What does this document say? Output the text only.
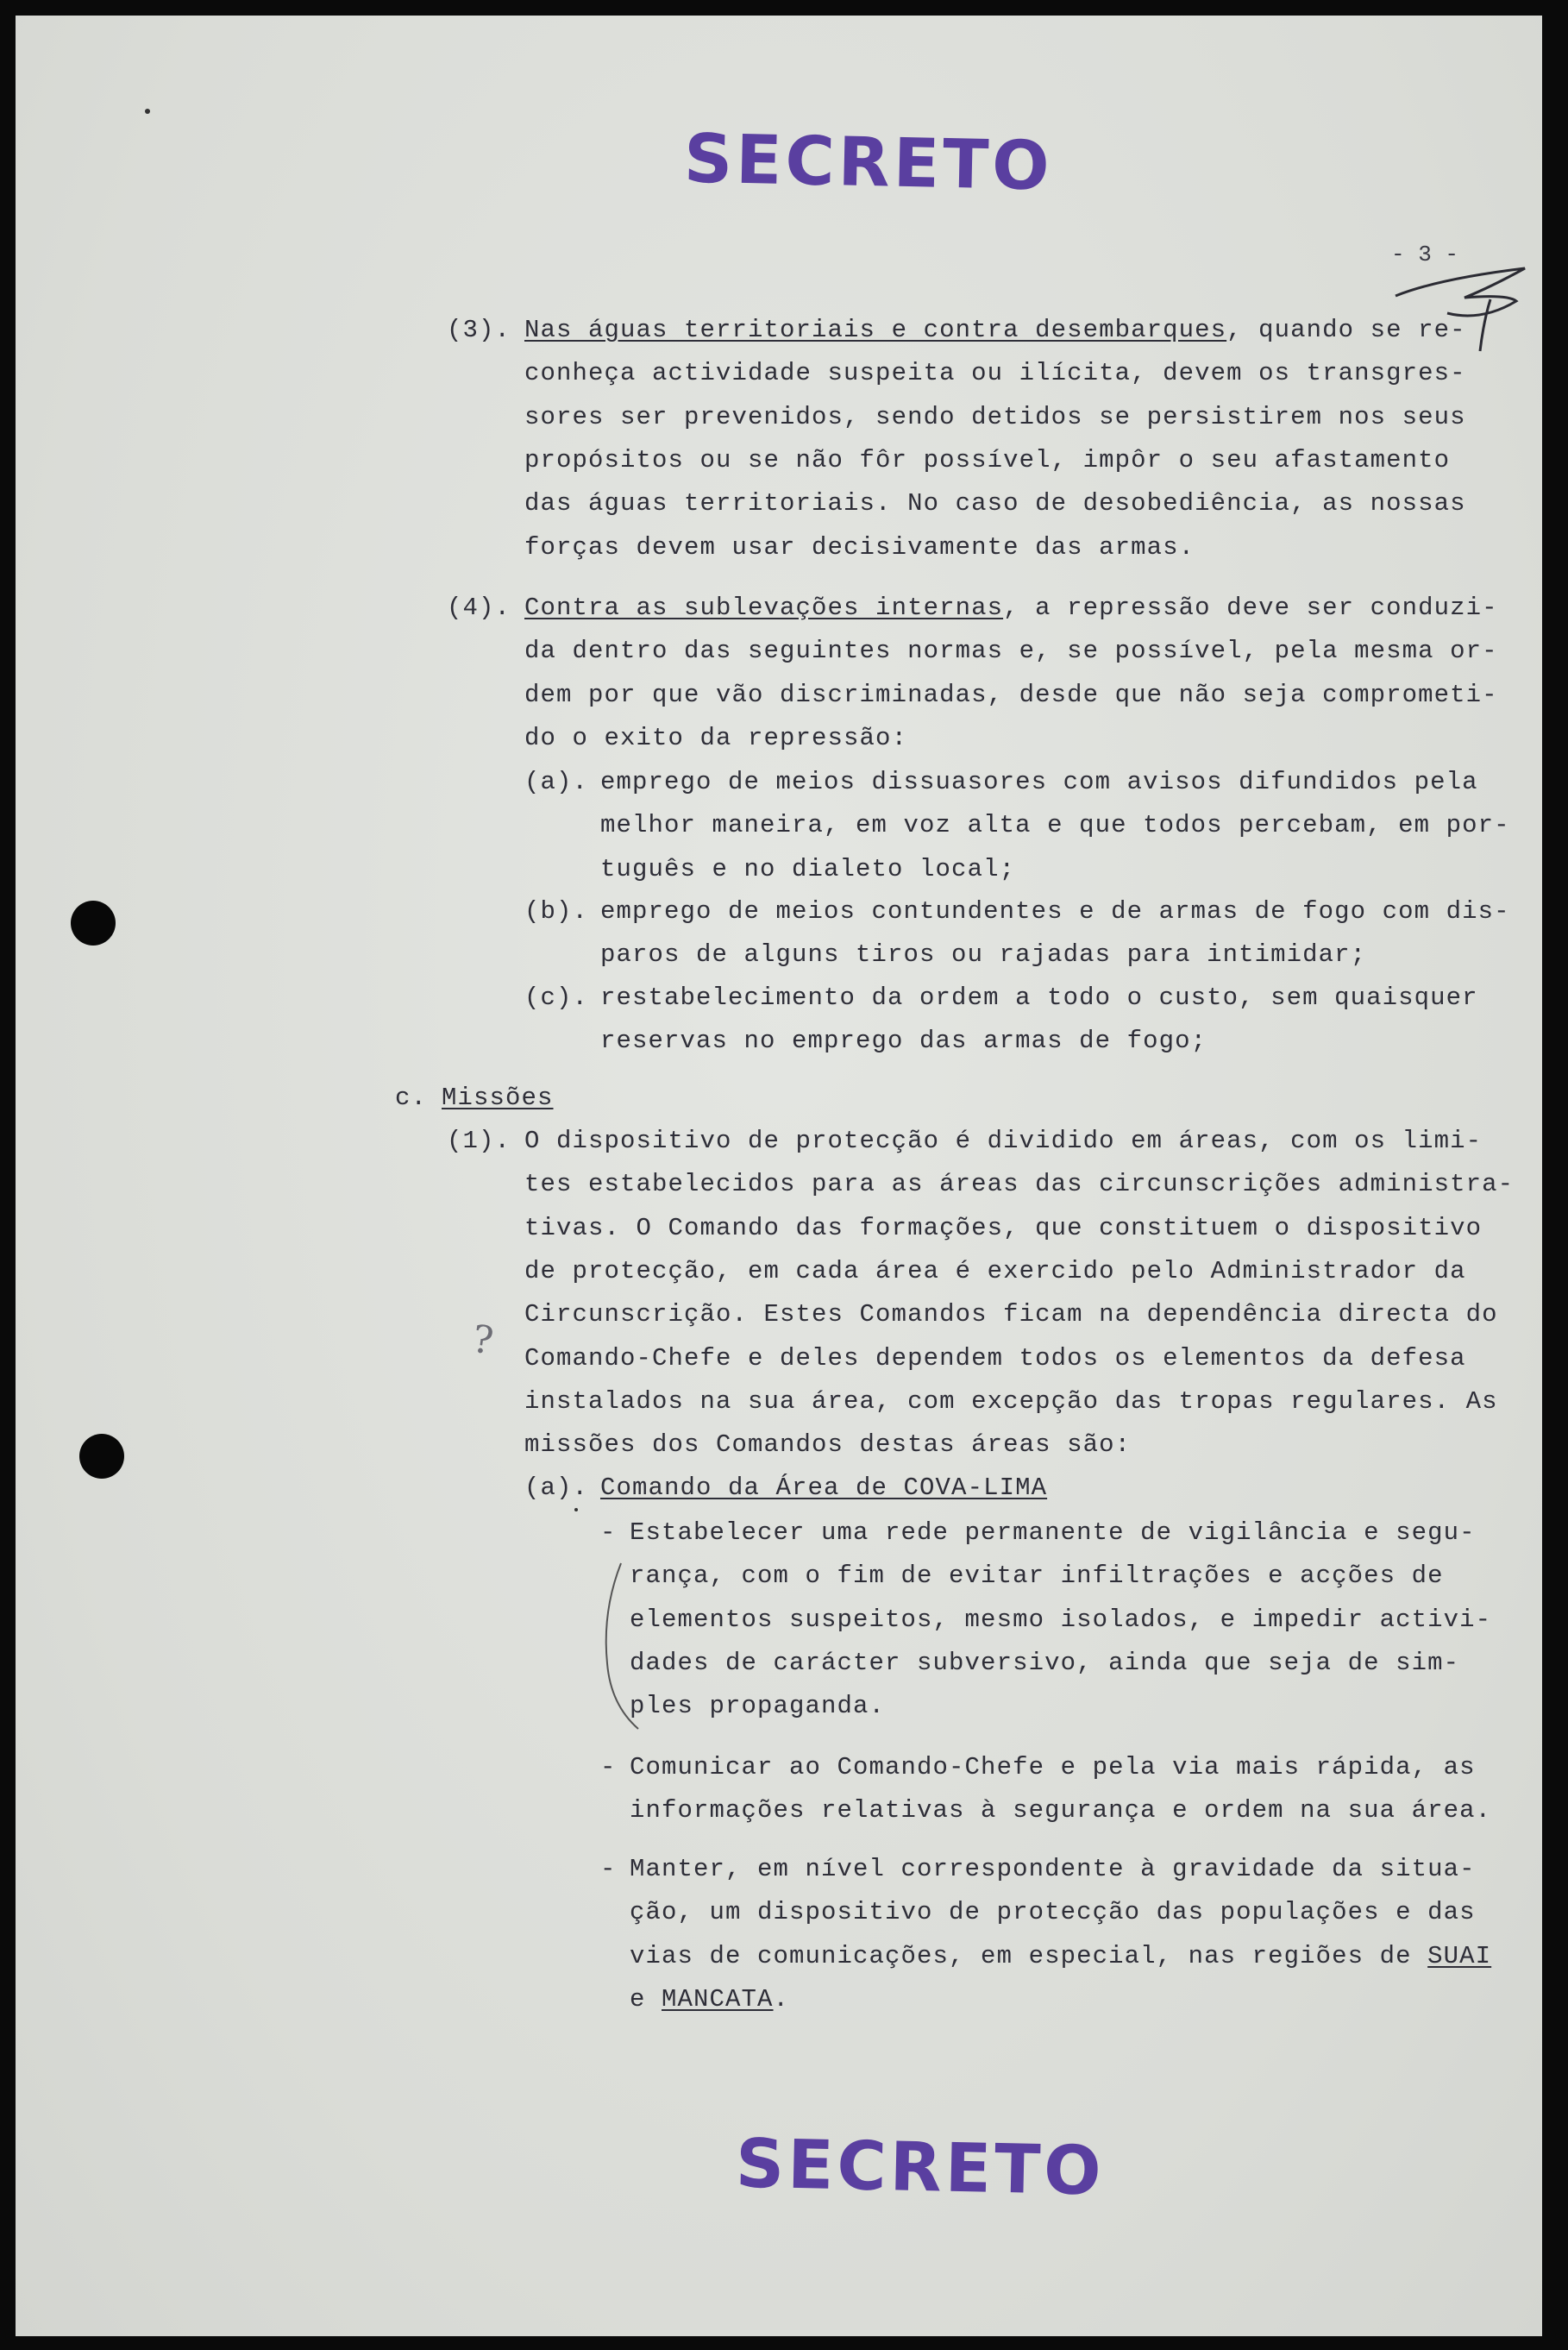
SECRETO
- 3 -
?
(3). Nas águas territoriais e contra desembarques, quando se re-
conheça actividade suspeita ou ilícita, devem os transgres-
sores ser prevenidos, sendo detidos se persistirem nos seus
propósitos ou se não fôr possível, impôr o seu afastamento
das águas territoriais. No caso de desobediência, as nossas
forças devem usar decisivamente das armas.
(4). Contra as sublevações internas, a repressão deve ser conduzi-
da dentro das seguintes normas e, se possível, pela mesma or-
dem por que vão discriminadas, desde que não seja comprometi-
do o exito da repressão:
(a). emprego de meios dissuasores com avisos difundidos pela
melhor maneira, em voz alta e que todos percebam, em por-
tuguês e no dialeto local;
(b). emprego de meios contundentes e de armas de fogo com dis-
paros de alguns tiros ou rajadas para intimidar;
(c). restabelecimento da ordem a todo o custo, sem quaisquer
reservas no emprego das armas de fogo;
c. Missões
(1). O dispositivo de protecção é dividido em áreas, com os limi-
tes estabelecidos para as áreas das circunscrições administra-
tivas. O Comando das formações, que constituem o dispositivo
de protecção, em cada área é exercido pelo Administrador da
Circunscrição. Estes Comandos ficam na dependência directa do
Comando-Chefe e deles dependem todos os elementos da defesa
instalados na sua área, com excepção das tropas regulares. As
missões dos Comandos destas áreas são:
(a). Comando da Área de COVA-LIMA
- Estabelecer uma rede permanente de vigilância e segu-
rança, com o fim de evitar infiltrações e acções de
elementos suspeitos, mesmo isolados, e impedir activi-
dades de carácter subversivo, ainda que seja de sim-
ples propaganda.
- Comunicar ao Comando-Chefe e pela via mais rápida, as
informações relativas à segurança e ordem na sua área.
- Manter, em nível correspondente à gravidade da situa-
ção, um dispositivo de protecção das populações e das
vias de comunicações, em especial, nas regiões de SUAI
e MANCATA.
SECRETO
